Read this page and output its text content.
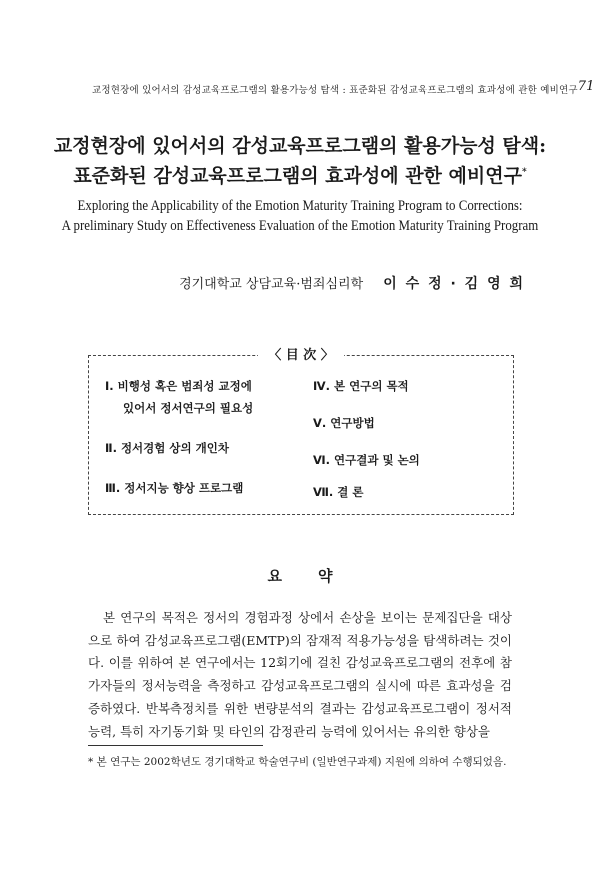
교정현장에 있어서의 감성교육프로그램의 활용가능성 탐색 : 표준화된 감성교육프로그램의 효과성에 관한 예비연구 71
교정현장에 있어서의 감성교육프로그램의 활용가능성 탐색:
표준화된 감성교육프로그램의 효과성에 관한 예비연구*
Exploring the Applicability of the Emotion Maturity Training Program to Corrections:
A preliminary Study on Effectiveness Evaluation of the Emotion Maturity Training Program
경기대학교 상담교육·범죄심리학 이 수 정 · 김 영 희
〈 目 次 〉
Ⅰ. 비행성 혹은 범죄성 교정에
있어서 정서연구의 필요성
Ⅱ. 정서경험 상의 개인차
Ⅲ. 정서지능 향상 프로그램
Ⅳ. 본 연구의 목적
Ⅴ. 연구방법
Ⅵ. 연구결과 및 논의
Ⅶ. 결 론
요약

본 연구의 목적은 정서의 경험과정 상에서 손상을 보이는 문제집단을 대상으로 하여 감성교육프로그램(EMTP)의 잠재적 적용가능성을 탐색하려는 것이다. 이를 위하여 본 연구에서는 12회기에 걸친 감성교육프로그램의 전후에 참가자들의 정서능력을 측정하고 감성교육프로그램의 실시에 따른 효과성을 검증하였다. 반복측정치를 위한 변량분석의 결과는 감성교육프로그램이 정서적 능력, 특히 자기동기화 및 타인의 감정관리 능력에 있어서는 유의한 향상을

* 본 연구는 2002학년도 경기대학교 학술연구비 (일반연구과제) 지원에 의하여 수행되었음.
